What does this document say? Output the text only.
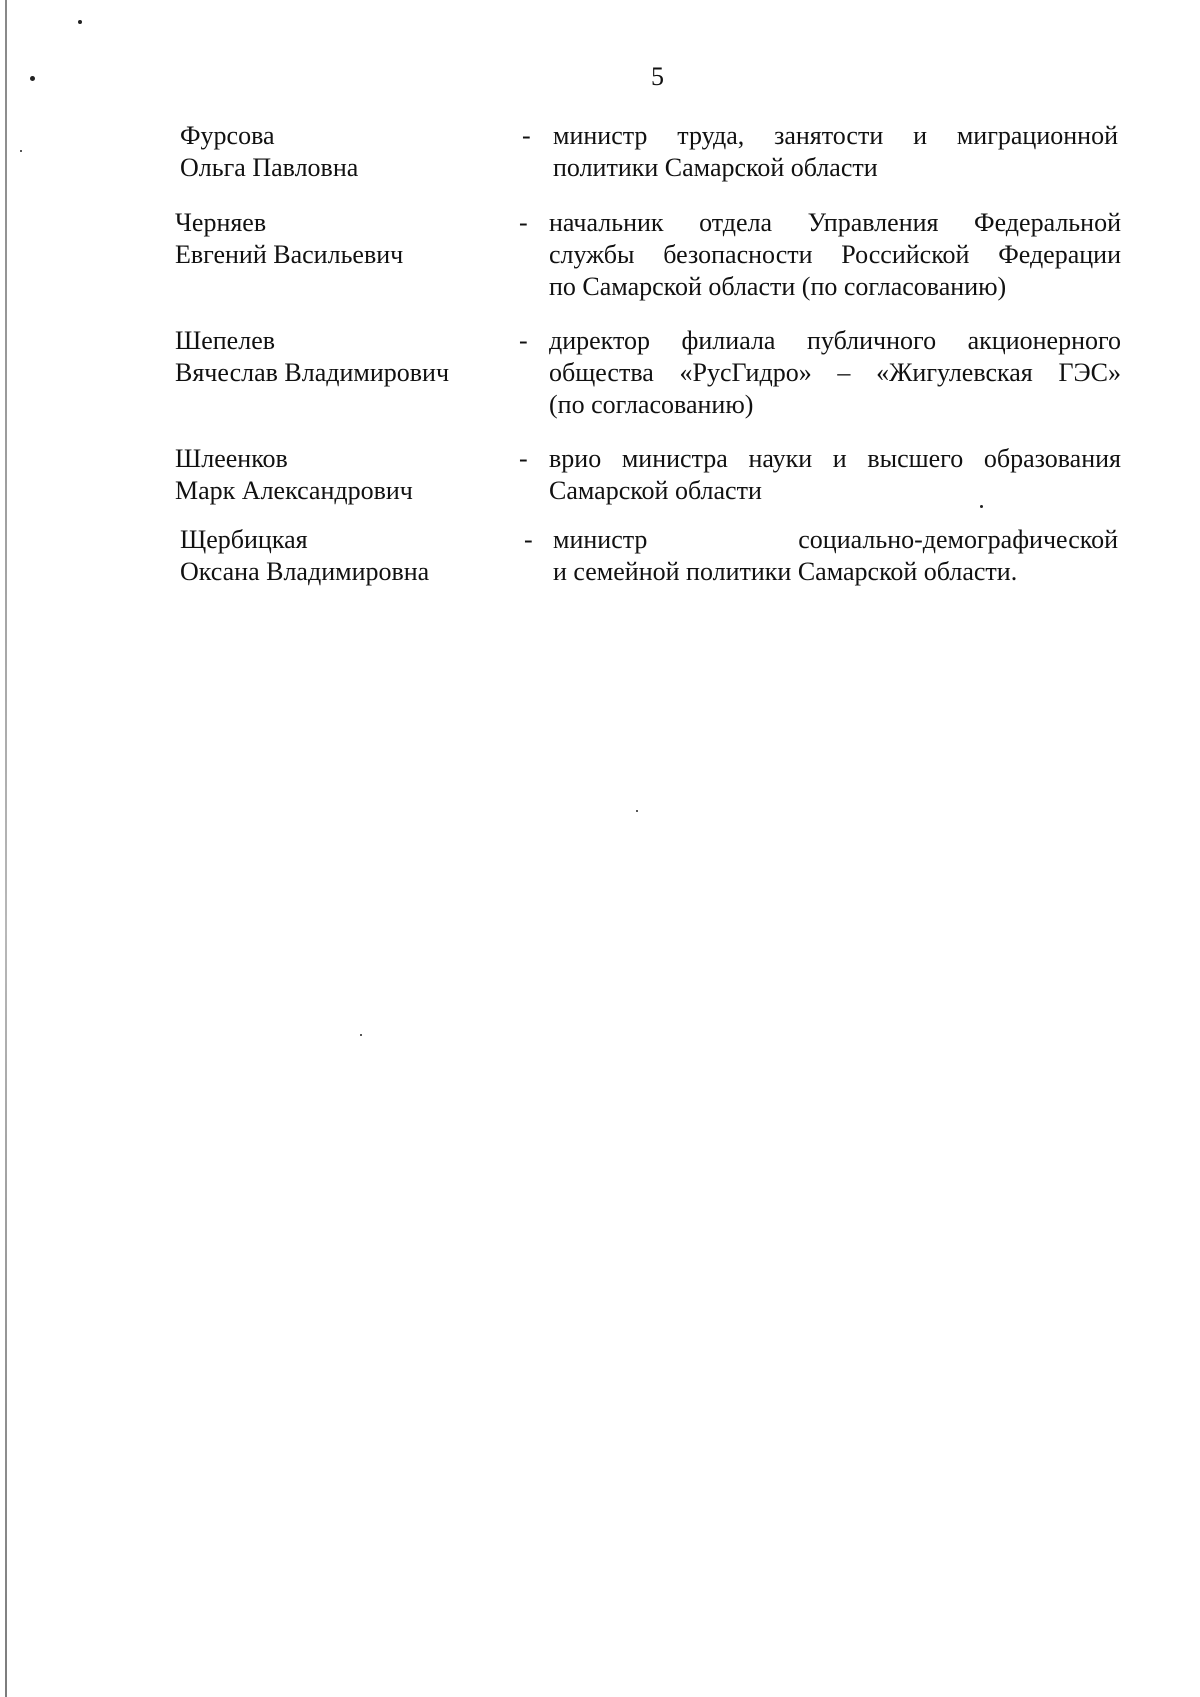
5
Фурсова
Ольга Павловна
- министр труда, занятости и миграционной
политики Самарской области
Черняев
Евгений Васильевич
- начальник отдела Управления Федеральной
службы безопасности Российской Федерации
по Самарской области (по согласованию)
Шепелев
Вячеслав Владимирович
- директор филиала публичного акционерного
общества «РусГидро» – «Жигулевская ГЭС»
(по согласованию)
Шлеенков
Марк Александрович
- врио министра науки и высшего образования
Самарской области
Щербицкая
Оксана Владимировна
- министр социально-демографической
и семейной политики Самарской области.
